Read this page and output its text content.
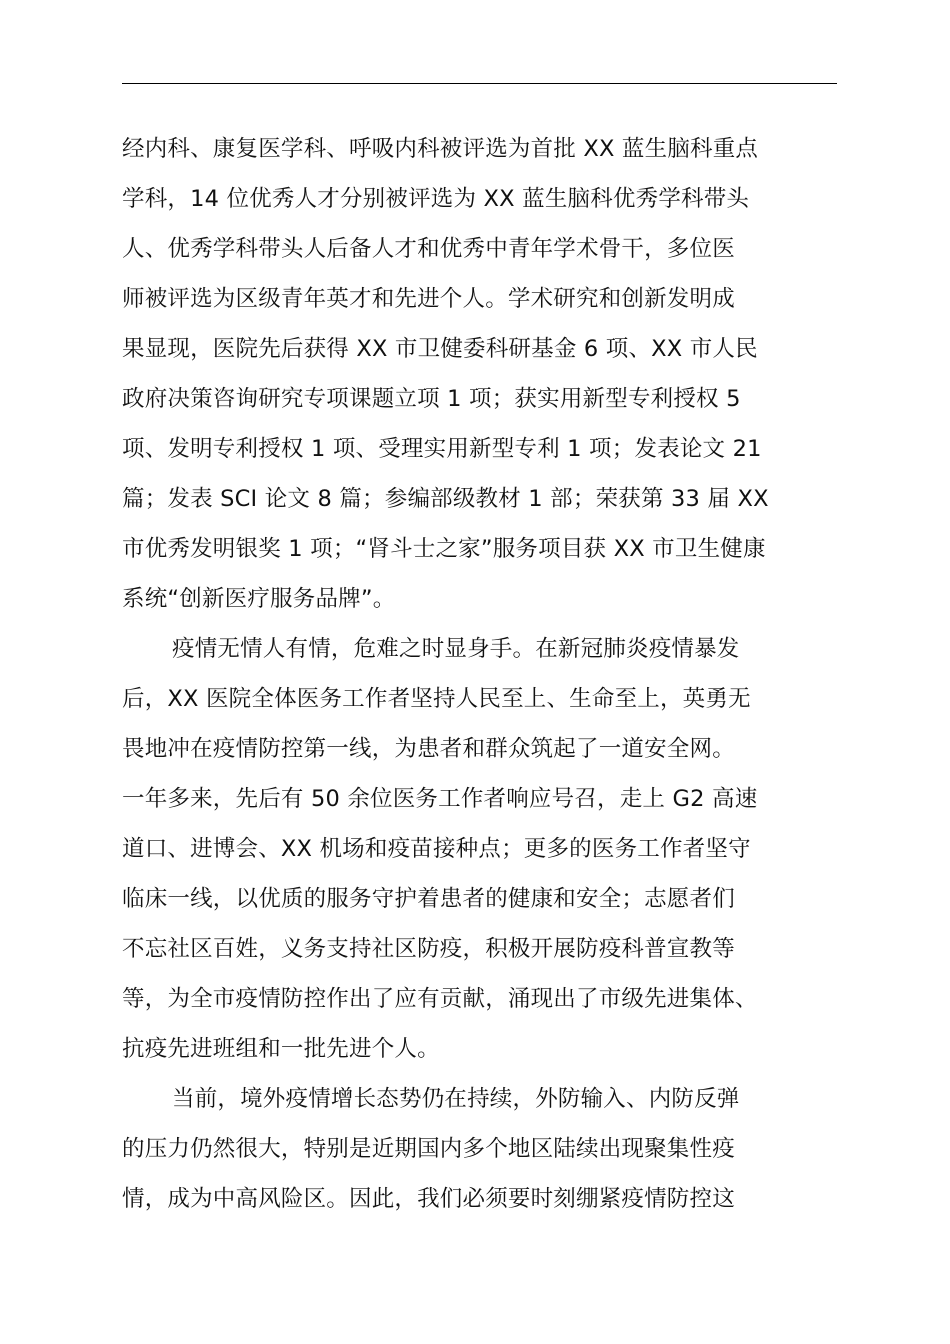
经内科、康复医学科、呼吸内科被评选为首批 XX 蓝生脑科重点
学科，14 位优秀人才分别被评选为 XX 蓝生脑科优秀学科带头
人、优秀学科带头人后备人才和优秀中青年学术骨干，多位医
师被评选为区级青年英才和先进个人。学术研究和创新发明成
果显现，医院先后获得 XX 市卫健委科研基金 6 项、XX 市人民
政府决策咨询研究专项课题立项 1 项；获实用新型专利授权 5
项、发明专利授权 1 项、受理实用新型专利 1 项；发表论文 21
篇；发表 SCI 论文 8 篇；参编部级教材 1 部；荣获第 33 届 XX
市优秀发明银奖 1 项；“肾斗士之家”服务项目获 XX 市卫生健康
系统“创新医疗服务品牌”。
疫情无情人有情，危难之时显身手。在新冠肺炎疫情暴发
后，XX 医院全体医务工作者坚持人民至上、生命至上，英勇无
畏地冲在疫情防控第一线，为患者和群众筑起了一道安全网。
一年多来，先后有 50 余位医务工作者响应号召，走上 G2 高速
道口、进博会、XX 机场和疫苗接种点；更多的医务工作者坚守
临床一线，以优质的服务守护着患者的健康和安全；志愿者们
不忘社区百姓，义务支持社区防疫，积极开展防疫科普宣教等
等，为全市疫情防控作出了应有贡献，涌现出了市级先进集体、
抗疫先进班组和一批先进个人。
当前，境外疫情增长态势仍在持续，外防输入、内防反弹
的压力仍然很大，特别是近期国内多个地区陆续出现聚集性疫
情，成为中高风险区。因此，我们必须要时刻绷紧疫情防控这
